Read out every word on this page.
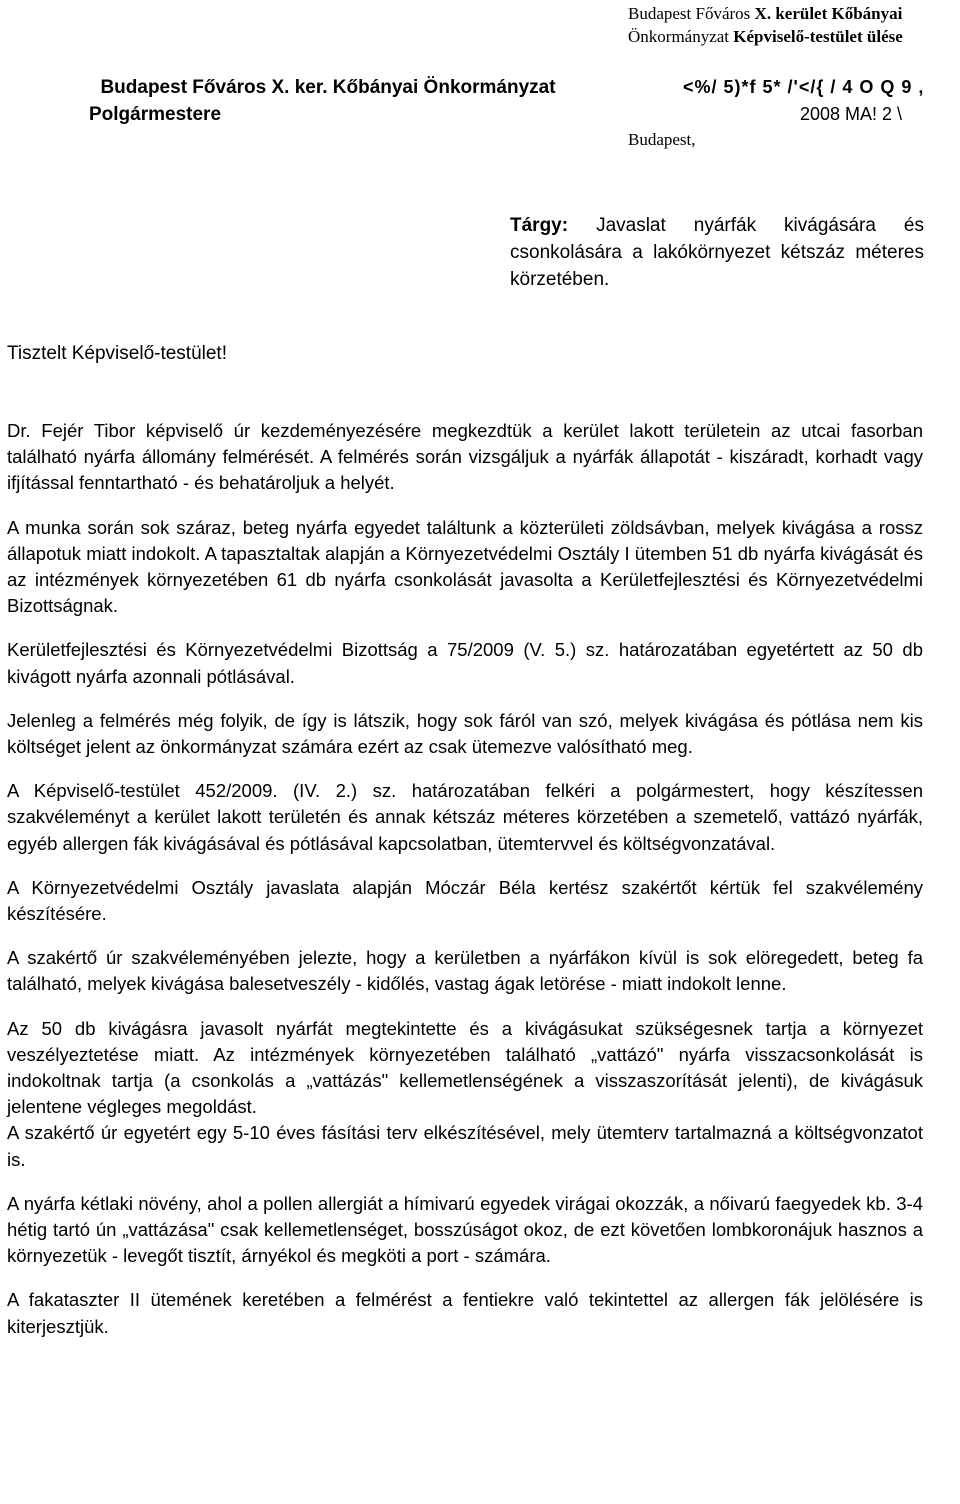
Budapest Főváros X. kerület Kőbányai
Önkormányzat Képviselő-testület ülése
Budapest Főváros X. ker. Kőbányai Önkormányzat
Polgármestere
<%/ 5)*f 5* /'</{ / 4 O Q 9 ,
2008 MA! 2 \
Budapest,
Tárgy: Javaslat nyárfák kivágására és csonkolására a lakókörnyezet kétszáz méteres körzetében.
Tisztelt Képviselő-testület!

Dr. Fejér Tibor képviselő úr kezdeményezésére megkezdtük a kerület lakott területein az utcai fasorban található nyárfa állomány felmérését. A felmérés során vizsgáljuk a nyárfák állapotát - kiszáradt, korhadt vagy ifjítással fenntartható - és behatároljuk a helyét.

A munka során sok száraz, beteg nyárfa egyedet találtunk a közterületi zöldsávban, melyek kivágása a rossz állapotuk miatt indokolt. A tapasztaltak alapján a Környezetvédelmi Osztály I ütemben 51 db nyárfa kivágását és az intézmények környezetében 61 db nyárfa csonkolását javasolta a Kerületfejlesztési és Környezetvédelmi Bizottságnak.

Kerületfejlesztési és Környezetvédelmi Bizottság a 75/2009 (V. 5.) sz. határozatában egyetértett az 50 db kivágott nyárfa azonnali pótlásával.

Jelenleg a felmérés még folyik, de így is látszik, hogy sok fáról van szó, melyek kivágása és pótlása nem kis költséget jelent az önkormányzat számára ezért az csak ütemezve valósítható meg.

A Képviselő-testület 452/2009. (IV. 2.) sz. határozatában felkéri a polgármestert, hogy készítessen szakvéleményt a kerület lakott területén és annak kétszáz méteres körzetében a szemetelő, vattázó nyárfák, egyéb allergen fák kivágásával és pótlásával kapcsolatban, ütemtervvel és költségvonzatával.

A Környezetvédelmi Osztály javaslata alapján Móczár Béla kertész szakértőt kértük fel szakvélemény készítésére.

A szakértő úr szakvéleményében jelezte, hogy a kerületben a nyárfákon kívül is sok elöregedett, beteg fa található, melyek kivágása balesetveszély - kidőlés, vastag ágak letörése - miatt indokolt lenne.

Az 50 db kivágásra javasolt nyárfát megtekintette és a kivágásukat szükségesnek tartja a környezet veszélyeztetése miatt. Az intézmények környezetében található „vattázó" nyárfa visszacsonkolását is indokoltnak tartja (a csonkolás a „vattázás" kellemetlenségének a visszaszorítását jelenti), de kivágásuk jelentene végleges megoldást.

A szakértő úr egyetért egy 5-10 éves fásítási terv elkészítésével, mely ütemterv tartalmazná a költségvonzatot is.

A nyárfa kétlaki növény, ahol a pollen allergiát a hímivarú egyedek virágai okozzák, a nőivarú faegyedek kb. 3-4 hétig tartó ún „vattázása" csak kellemetlenséget, bosszúságot okoz, de ezt követően lombkoronájuk hasznos a környezetük - levegőt tisztít, árnyékol és megköti a port - számára.

A fakataszter II ütemének keretében a felmérést a fentiekre való tekintettel az allergen fák jelölésére is kiterjesztjük.
